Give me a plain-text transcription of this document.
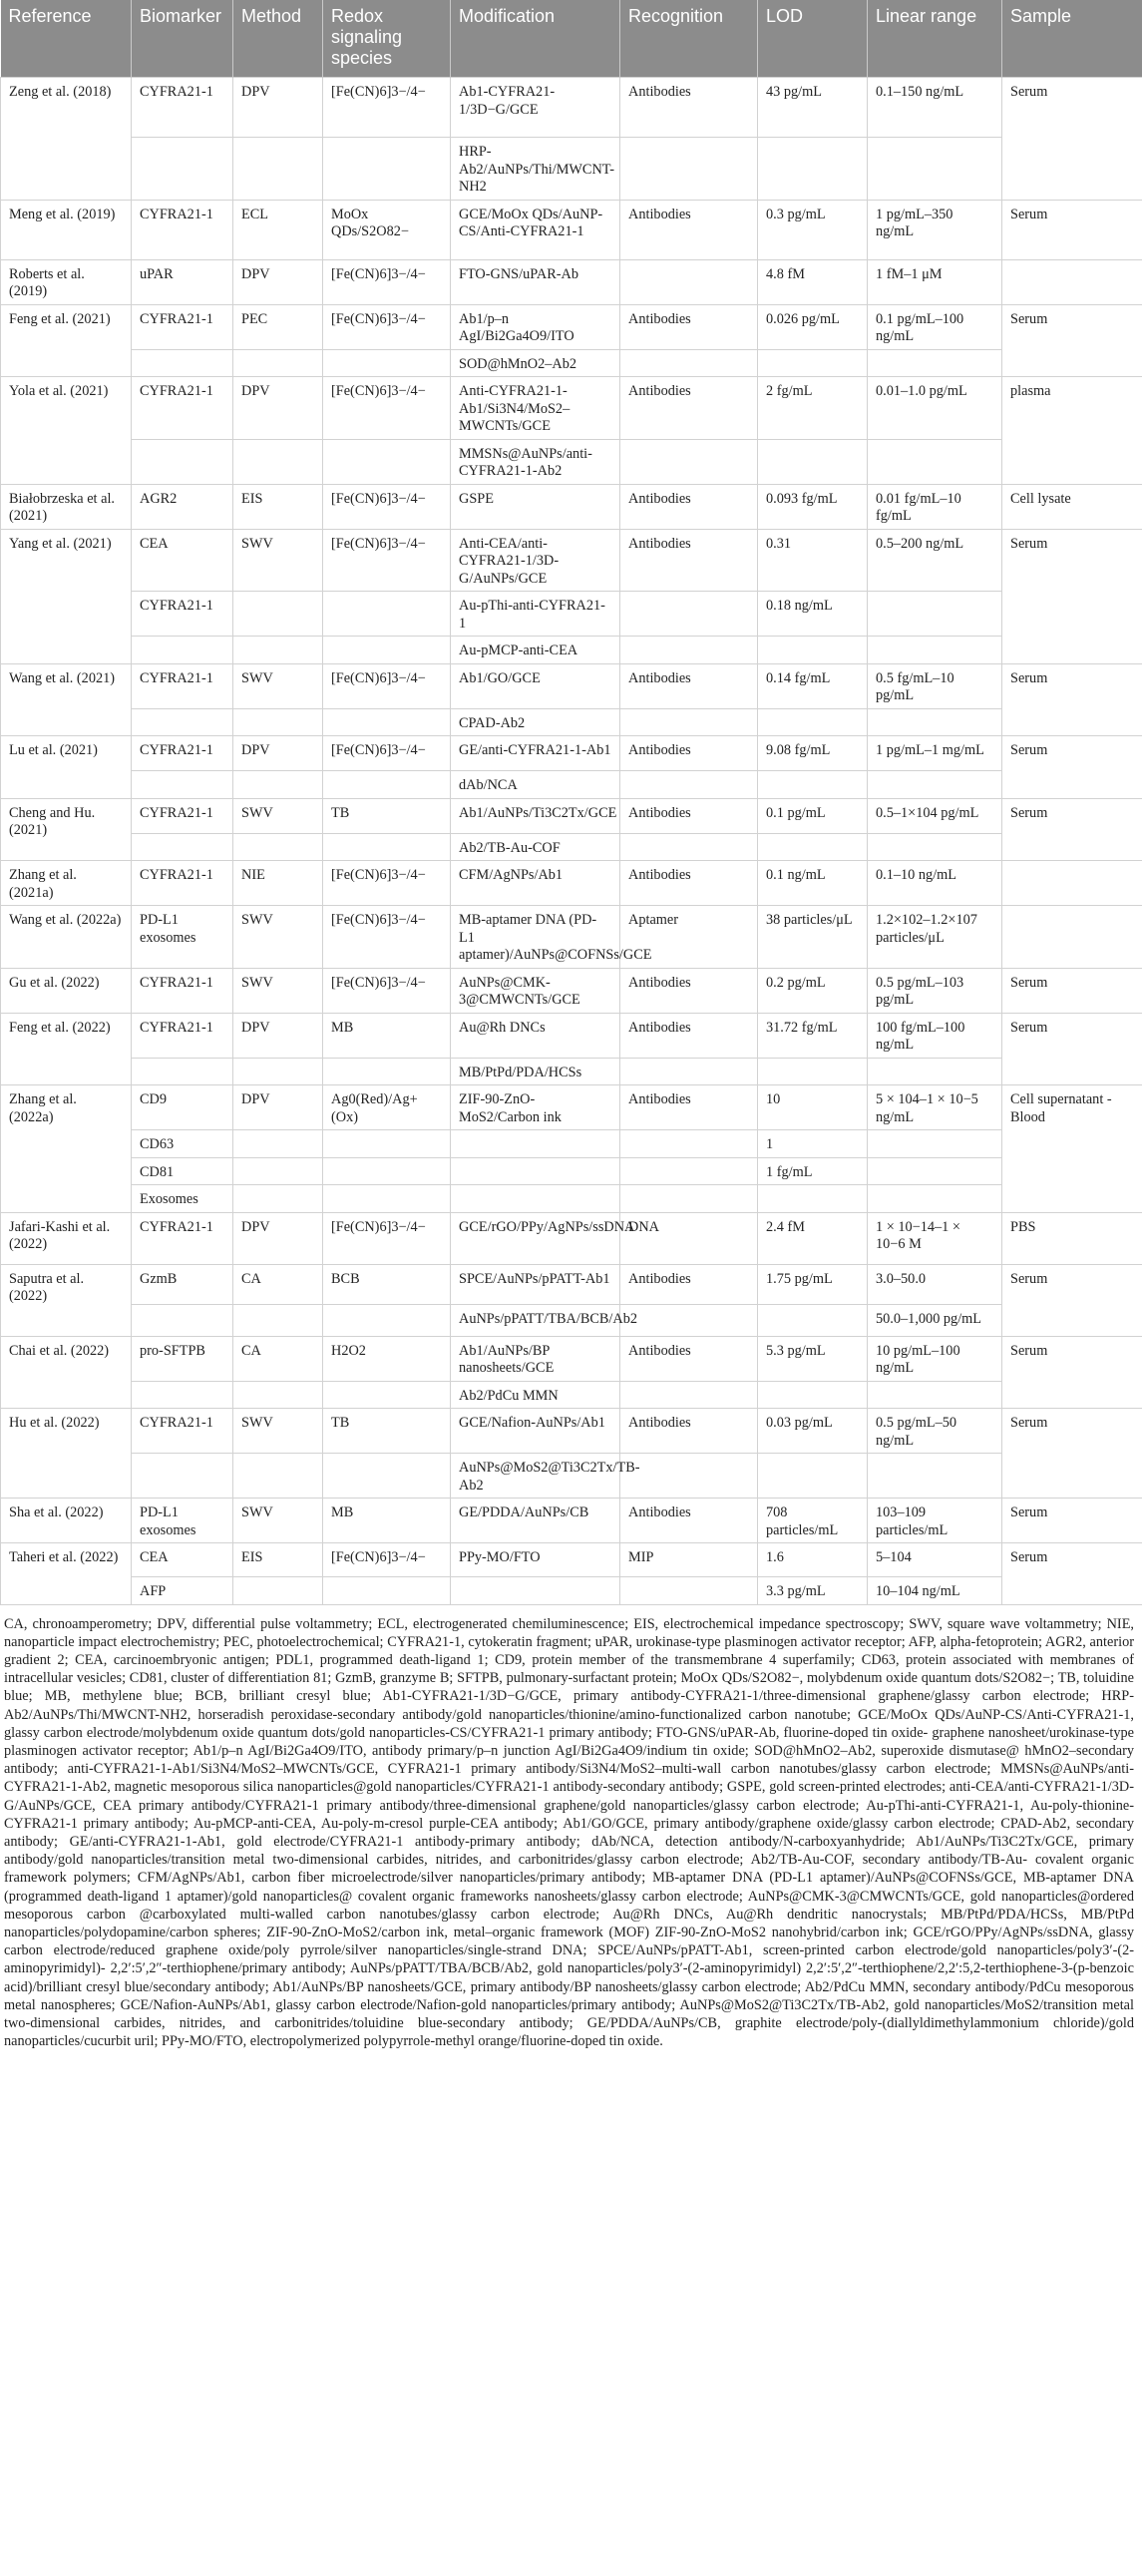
Reference	Biomarker	Method	Redox signaling species	Modification	Recognition	LOD	Linear range	Sample
Zeng et al. (2018)	CYFRA21-1	DPV	[Fe(CN)6]3−/4−	Ab1-CYFRA21-1/3D−G/GCE	Antibodies	43 pg/mL	0.1–150 ng/mL	Serum
				HRP-Ab2/AuNPs/Thi/MWCNT-NH2				
Meng et al. (2019)	CYFRA21-1	ECL	MoOx QDs/S2O82−	GCE/MoOx QDs/AuNP-CS/Anti-CYFRA21-1	Antibodies	0.3 pg/mL	1 pg/mL–350 ng/mL	Serum
Roberts et al. (2019)	uPAR	DPV	[Fe(CN)6]3−/4−	FTO-GNS/uPAR-Ab		4.8 fM	1 fM–1 μM	
Feng et al. (2021)	CYFRA21-1	PEC	[Fe(CN)6]3−/4−	Ab1/p–n AgI/Bi2Ga4O9/ITO	Antibodies	0.026 pg/mL	0.1 pg/mL–100 ng/mL	Serum
				SOD@hMnO2–Ab2				
Yola et al. (2021)	CYFRA21-1	DPV	[Fe(CN)6]3−/4−	Anti-CYFRA21-1-Ab1/Si3N4/MoS2–MWCNTs/GCE	Antibodies	2 fg/mL	0.01–1.0 pg/mL	plasma
				MMSNs@AuNPs/anti-CYFRA21-1-Ab2				
Białobrzeska et al. (2021)	AGR2	EIS	[Fe(CN)6]3−/4−	GSPE	Antibodies	0.093 fg/mL	0.01 fg/mL–10 fg/mL	Cell lysate
Yang et al. (2021)	CEA	SWV	[Fe(CN)6]3−/4−	Anti-CEA/anti-CYFRA21-1/3D-G/AuNPs/GCE	Antibodies	0.31	0.5–200 ng/mL	Serum
	CYFRA21-1			Au-pThi-anti-CYFRA21-1		0.18 ng/mL		
				Au-pMCP-anti-CEA				
Wang et al. (2021)	CYFRA21-1	SWV	[Fe(CN)6]3−/4−	Ab1/GO/GCE	Antibodies	0.14 fg/mL	0.5 fg/mL–10 pg/mL	Serum
				CPAD-Ab2				
Lu et al. (2021)	CYFRA21-1	DPV	[Fe(CN)6]3−/4−	GE/anti-CYFRA21-1-Ab1	Antibodies	9.08 fg/mL	1 pg/mL–1 mg/mL	Serum
				dAb/NCA				
Cheng and Hu. (2021)	CYFRA21-1	SWV	TB	Ab1/AuNPs/Ti3C2Tx/GCE	Antibodies	0.1 pg/mL	0.5–1×104 pg/mL	Serum
				Ab2/TB-Au-COF				
Zhang et al. (2021a)	CYFRA21-1	NIE	[Fe(CN)6]3−/4−	CFM/AgNPs/Ab1	Antibodies	0.1 ng/mL	0.1–10 ng/mL	
Wang et al. (2022a)	PD-L1 exosomes	SWV	[Fe(CN)6]3−/4−	MB-aptamer DNA (PD-L1 aptamer)/AuNPs@COFNSs/GCE	Aptamer	38 particles/μL	1.2×102–1.2×107 particles/μL	
Gu et al. (2022)	CYFRA21-1	SWV	[Fe(CN)6]3−/4−	AuNPs@CMK-3@CMWCNTs/GCE	Antibodies	0.2 pg/mL	0.5 pg/mL–103 pg/mL	Serum
Feng et al. (2022)	CYFRA21-1	DPV	MB	Au@Rh DNCs	Antibodies	31.72 fg/mL	100 fg/mL–100 ng/mL	Serum
				MB/PtPd/PDA/HCSs				
Zhang et al. (2022a)	CD9	DPV	Ag0(Red)/Ag+(Ox)	ZIF-90-ZnO-MoS2/Carbon ink	Antibodies	10	5 × 104–1 × 10−5 ng/mL	Cell supernatant - Blood
	CD63					1		
	CD81					1 fg/mL		
	Exosomes							
Jafari-Kashi et al. (2022)	CYFRA21-1	DPV	[Fe(CN)6]3−/4−	GCE/rGO/PPy/AgNPs/ssDNA	DNA	2.4 fM	1 × 10−14–1 × 10−6 M	PBS
Saputra et al. (2022)	GzmB	CA	BCB	SPCE/AuNPs/pPATT-Ab1	Antibodies	1.75 pg/mL	3.0–50.0	Serum
				AuNPs/pPATT/TBA/BCB/Ab2			50.0–1,000 pg/mL	
Chai et al. (2022)	pro-SFTPB	CA	H2O2	Ab1/AuNPs/BP nanosheets/GCE	Antibodies	5.3 pg/mL	10 pg/mL–100 ng/mL	Serum
				Ab2/PdCu MMN				
Hu et al. (2022)	CYFRA21-1	SWV	TB	GCE/Nafion-AuNPs/Ab1	Antibodies	0.03 pg/mL	0.5 pg/mL–50 ng/mL	Serum
				AuNPs@MoS2@Ti3C2Tx/TB-Ab2				
Sha et al. (2022)	PD-L1 exosomes	SWV	MB	GE/PDDA/AuNPs/CB	Antibodies	708 particles/mL	103–109 particles/mL	Serum
Taheri et al. (2022)	CEA	EIS	[Fe(CN)6]3−/4−	PPy-MO/FTO	MIP	1.6	5–104	Serum
	AFP					3.3 pg/mL	10–104 ng/mL	
CA, chronoamperometry; DPV, differential pulse voltammetry; ECL, electrogenerated chemiluminescence; EIS, electrochemical impedance spectroscopy; SWV, square wave voltammetry; NIE, nanoparticle impact electrochemistry; PEC, photoelectrochemical; CYFRA21-1, cytokeratin fragment; uPAR, urokinase-type plasminogen activator receptor; AFP, alpha-fetoprotein; AGR2, anterior gradient 2; CEA, carcinoembryonic antigen; PDL1, programmed death-ligand 1; CD9, protein member of the transmembrane 4 superfamily; CD63, protein associated with membranes of intracellular vesicles; CD81, cluster of differentiation 81; GzmB, granzyme B; SFTPB, pulmonary-surfactant protein; MoOx QDs/S2O82−, molybdenum oxide quantum dots/S2O82−; TB, toluidine blue; MB, methylene blue; BCB, brilliant cresyl blue; Ab1-CYFRA21-1/3D−G/GCE, primary antibody-CYFRA21-1/three-dimensional graphene/glassy carbon electrode; HRP-Ab2/AuNPs/Thi/MWCNT-NH2, horseradish peroxidase-secondary antibody/gold nanoparticles/thionine/amino-functionalized carbon nanotube; GCE/MoOx QDs/AuNP-CS/Anti-CYFRA21-1, glassy carbon electrode/molybdenum oxide quantum dots/gold nanoparticles-CS/CYFRA21-1 primary antibody; FTO-GNS/uPAR-Ab, fluorine-doped tin oxide- graphene nanosheet/urokinase-type plasminogen activator receptor; Ab1/p–n AgI/Bi2Ga4O9/ITO, antibody primary/p–n junction AgI/Bi2Ga4O9/indium tin oxide; SOD@hMnO2–Ab2, superoxide dismutase@ hMnO2–secondary antibody; anti-CYFRA21-1-Ab1/Si3N4/MoS2–MWCNTs/GCE, CYFRA21-1 primary antibody/Si3N4/MoS2–multi-wall carbon nanotubes/glassy carbon electrode; MMSNs@AuNPs/anti-CYFRA21-1-Ab2, magnetic mesoporous silica nanoparticles@gold nanoparticles/CYFRA21-1 antibody-secondary antibody; GSPE, gold screen-printed electrodes; anti-CEA/anti-CYFRA21-1/3D-G/AuNPs/GCE, CEA primary antibody/CYFRA21-1 primary antibody/three-dimensional graphene/gold nanoparticles/glassy carbon electrode; Au-pThi-anti-CYFRA21-1, Au-poly-thionine- CYFRA21-1 primary antibody; Au-pMCP-anti-CEA, Au-poly-m-cresol purple-CEA antibody; Ab1/GO/GCE, primary antibody/graphene oxide/glassy carbon electrode; CPAD-Ab2, secondary antibody; GE/anti-CYFRA21-1-Ab1, gold electrode/CYFRA21-1 antibody-primary antibody; dAb/NCA, detection antibody/N-carboxyanhydride; Ab1/AuNPs/Ti3C2Tx/GCE, primary antibody/gold nanoparticles/transition metal two-dimensional carbides, nitrides, and carbonitrides/glassy carbon electrode; Ab2/TB-Au-COF, secondary antibody/TB-Au- covalent organic framework polymers; CFM/AgNPs/Ab1, carbon fiber microelectrode/silver nanoparticles/primary antibody; MB-aptamer DNA (PD-L1 aptamer)/AuNPs@COFNSs/GCE, MB-aptamer DNA (programmed death-ligand 1 aptamer)/gold nanoparticles@ covalent organic frameworks nanosheets/glassy carbon electrode; AuNPs@CMK-3@CMWCNTs/GCE, gold nanoparticles@ordered mesoporous carbon @carboxylated multi-walled carbon nanotubes/glassy carbon electrode; Au@Rh DNCs, Au@Rh dendritic nanocrystals; MB/PtPd/PDA/HCSs, MB/PtPd nanoparticles/polydopamine/carbon spheres; ZIF-90-ZnO-MoS2/carbon ink, metal–organic framework (MOF) ZIF-90-ZnO-MoS2 nanohybrid/carbon ink; GCE/rGO/PPy/AgNPs/ssDNA, glassy carbon electrode/reduced graphene oxide/poly pyrrole/silver nanoparticles/single-strand DNA; SPCE/AuNPs/pPATT-Ab1, screen-printed carbon electrode/gold nanoparticles/poly3′-(2-aminopyrimidyl)- 2,2′:5′,2″-terthiophene/primary antibody; AuNPs/pPATT/TBA/BCB/Ab2, gold nanoparticles/poly3′-(2-aminopyrimidyl) 2,2′:5′,2″-terthiophene/2,2′:5,2-terthiophene-3-(p-benzoic acid)/brilliant cresyl blue/secondary antibody; Ab1/AuNPs/BP nanosheets/GCE, primary antibody/BP nanosheets/glassy carbon electrode; Ab2/PdCu MMN, secondary antibody/PdCu mesoporous metal nanospheres; GCE/Nafion-AuNPs/Ab1, glassy carbon electrode/Nafion-gold nanoparticles/primary antibody; AuNPs@MoS2@Ti3C2Tx/TB-Ab2, gold nanoparticles/MoS2/transition metal two-dimensional carbides, nitrides, and carbonitrides/toluidine blue-secondary antibody; GE/PDDA/AuNPs/CB, graphite electrode/poly-(diallyldimethylammonium chloride)/gold nanoparticles/cucurbit uril; PPy-MO/FTO, electropolymerized polypyrrole-methyl orange/fluorine-doped tin oxide.
